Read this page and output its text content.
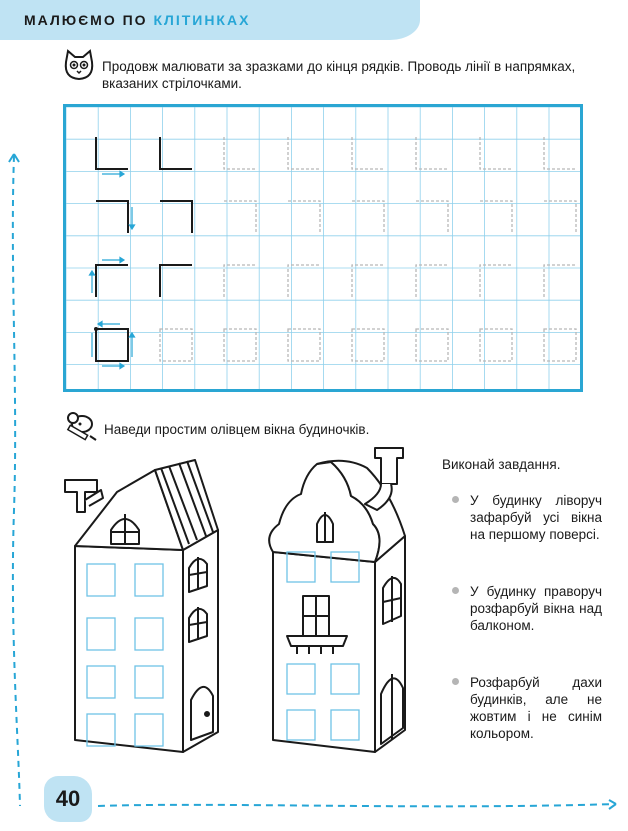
МАЛЮЄМО ПО КЛІТИНКАХ
Продовж малювати за зразками до кінця рядків. Проводь лінії в напрямках, вказаних стрілочками.
Наведи простим олівцем вікна будиночків.
Виконай завдання.
У будинку ліворуч зафарбуй усі вікна на першому поверсі.
У будинку праворуч розфарбуй вікна над балконом.
Розфарбуй дахи будинків, але не жовтим і не синім кольором.
40
